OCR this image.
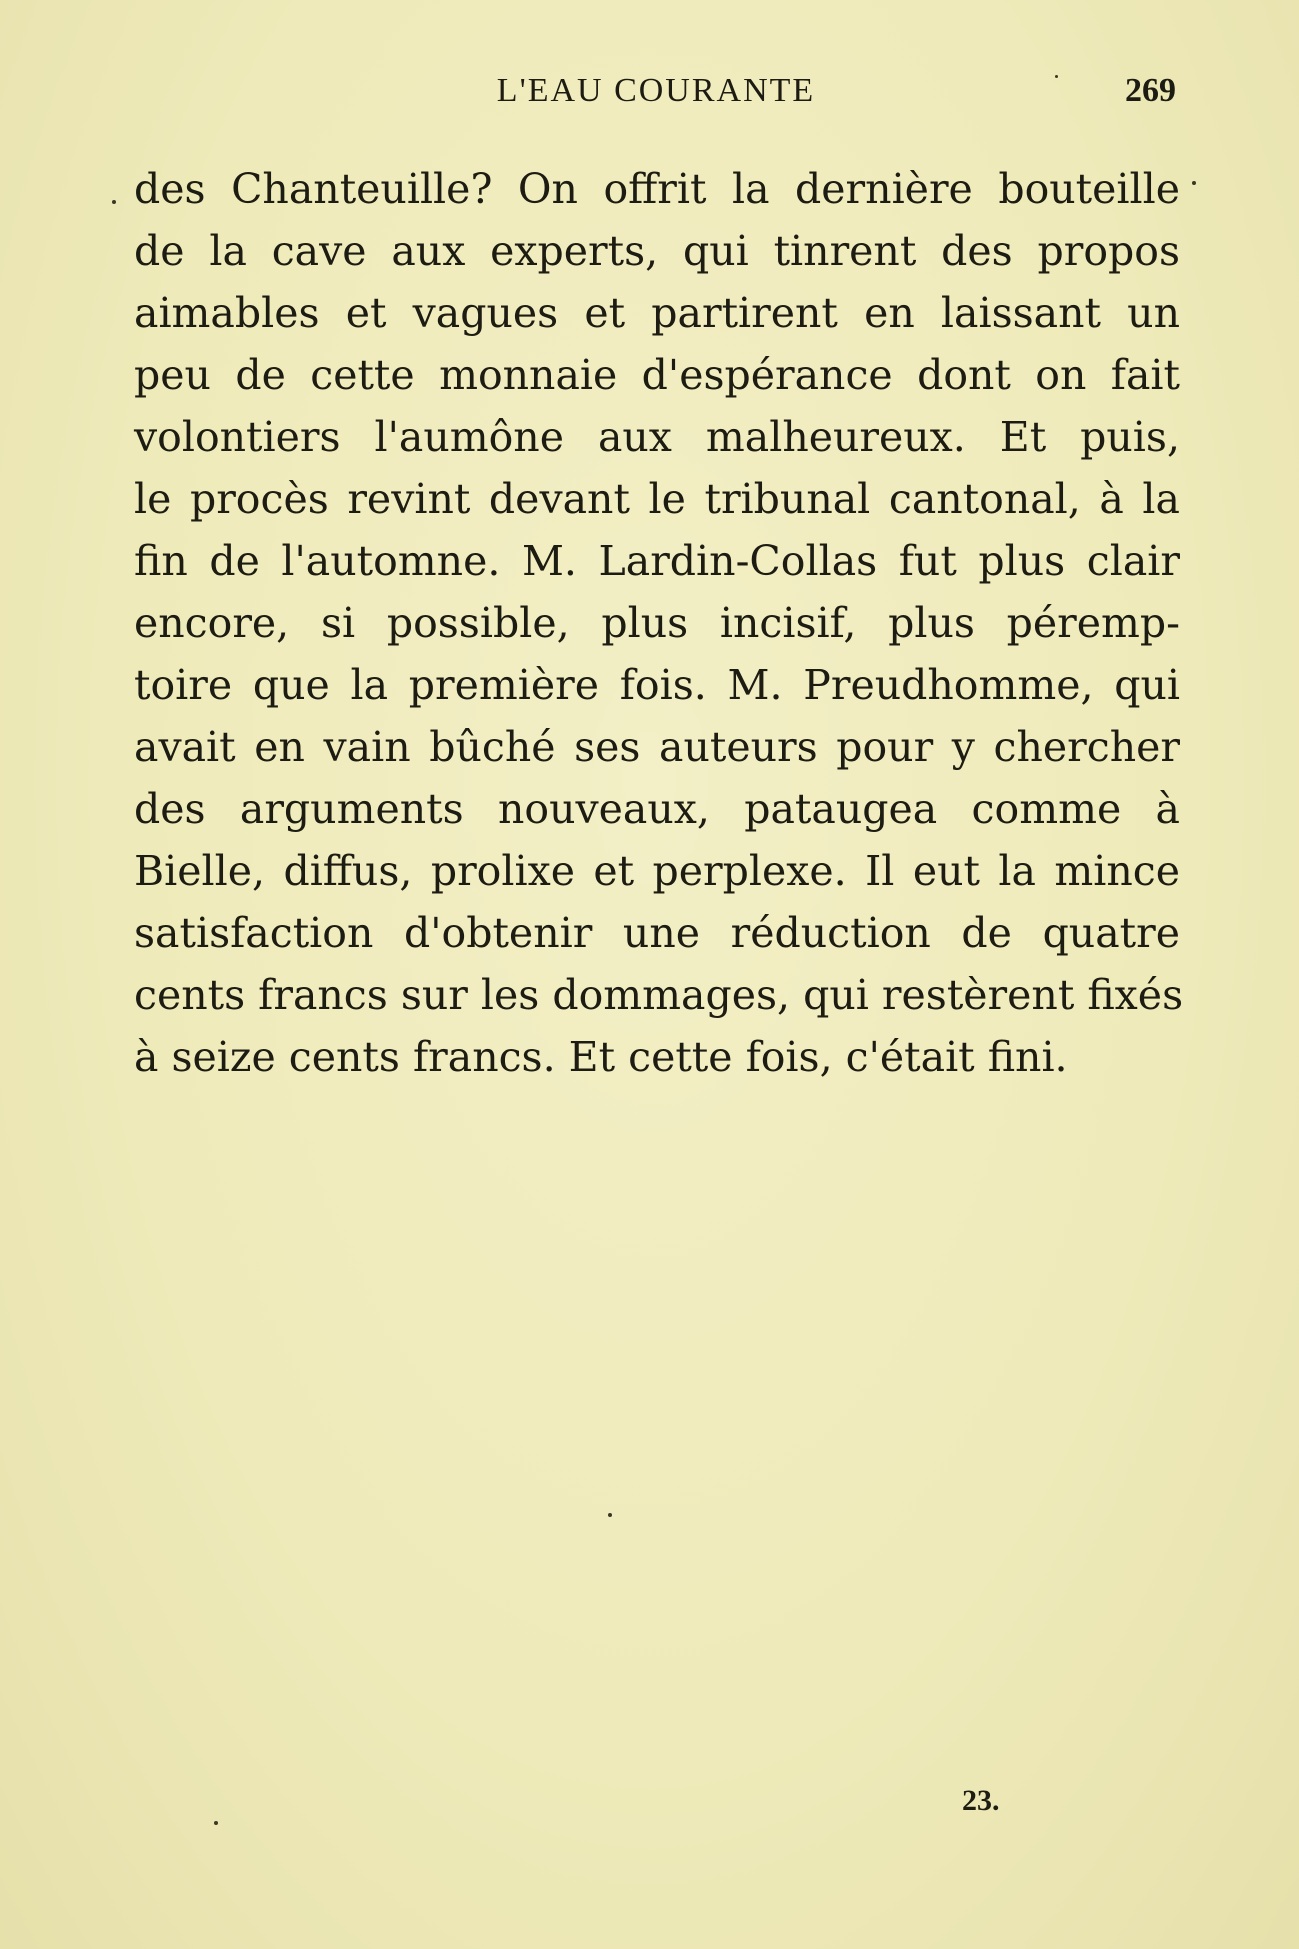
L'EAU COURANTE	269
des Chanteuille? On offrit la dernière bouteille
de la cave aux experts, qui tinrent des propos
aimables et vagues et partirent en laissant un
peu de cette monnaie d'espérance dont on fait
volontiers l'aumône aux malheureux. Et puis,
le procès revint devant le tribunal cantonal, à la
fin de l'automne. M. Lardin-Collas fut plus clair
encore, si possible, plus incisif, plus péremp-
toire que la première fois. M. Preudhomme, qui
avait en vain bûché ses auteurs pour y chercher
des arguments nouveaux, pataugea comme à
Bielle, diffus, prolixe et perplexe. Il eut la mince
satisfaction d'obtenir une réduction de quatre
cents francs sur les dommages, qui restèrent fixés
à seize cents francs. Et cette fois, c'était fini.
23.
